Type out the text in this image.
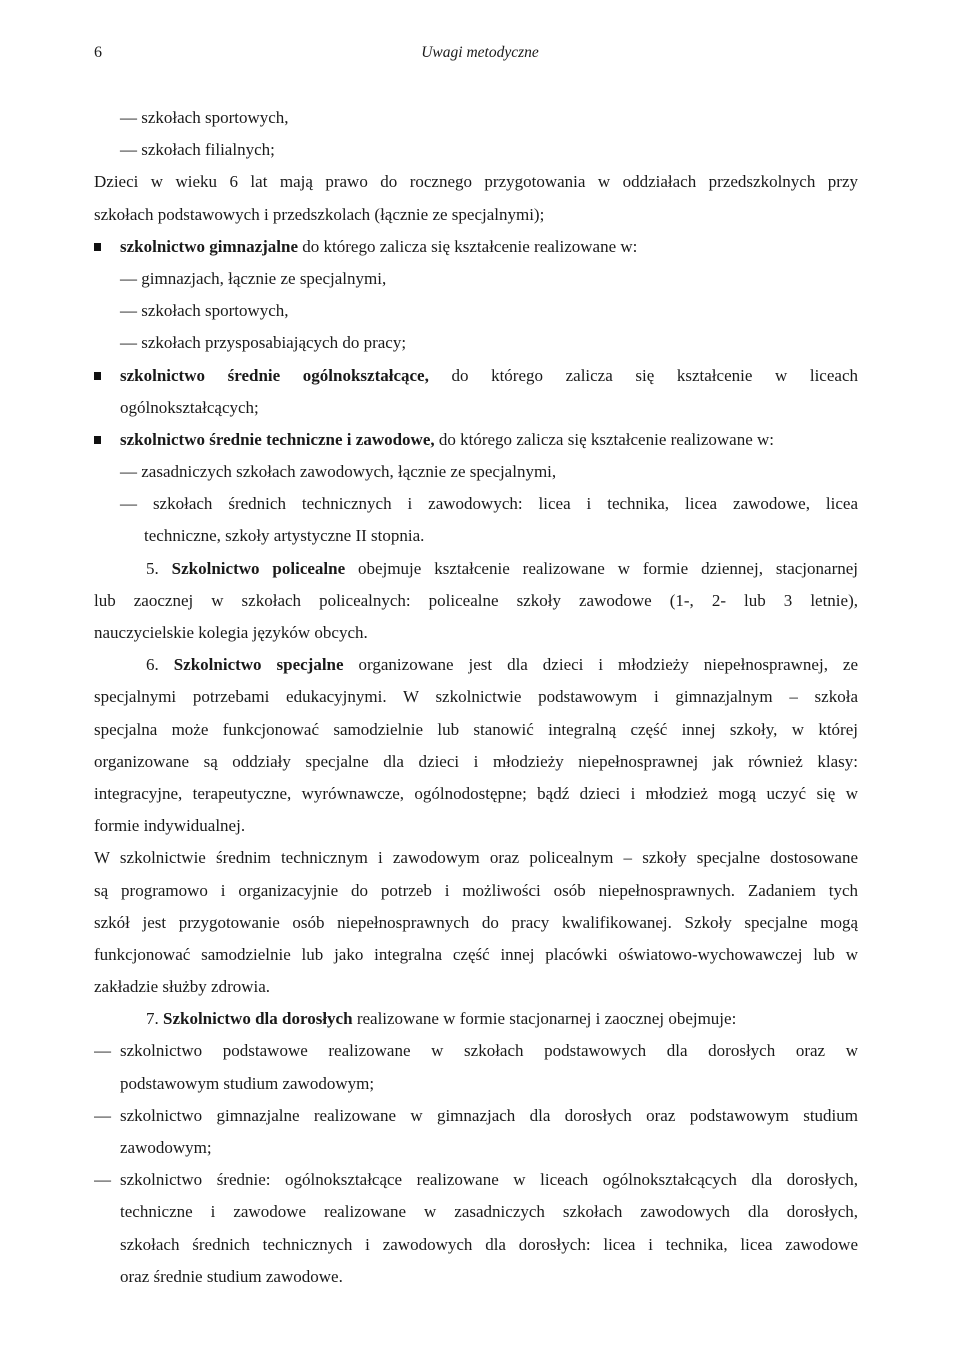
6	Uwagi metodyczne
— szkołach sportowych,
— szkołach filialnych;
Dzieci w wieku 6 lat mają prawo do rocznego przygotowania w oddziałach przedszkolnych przy
szkołach podstawowych i przedszkolach (łącznie ze specjalnymi);
szkolnictwo gimnazjalne do którego zalicza się kształcenie realizowane w:
— gimnazjach, łącznie ze specjalnymi,
— szkołach sportowych,
— szkołach przysposabiających do pracy;
szkolnictwo średnie ogólnokształcące, do którego zalicza się kształcenie w liceach
ogólnokształcących;
szkolnictwo średnie techniczne i zawodowe, do którego zalicza się kształcenie realizowane w:
— zasadniczych szkołach zawodowych, łącznie ze specjalnymi,
— szkołach średnich technicznych i zawodowych: licea i technika, licea zawodowe, licea
techniczne, szkoły artystyczne II stopnia.
5. Szkolnictwo policealne obejmuje kształcenie realizowane w formie dziennej, stacjonarnej
lub zaocznej w szkołach policealnych: policealne szkoły zawodowe (1-, 2- lub 3 letnie),
nauczycielskie kolegia języków obcych.
6. Szkolnictwo specjalne organizowane jest dla dzieci i młodzieży niepełnosprawnej, ze
specjalnymi potrzebami edukacyjnymi. W szkolnictwie podstawowym i gimnazjalnym – szkoła
specjalna może funkcjonować samodzielnie lub stanowić integralną część innej szkoły, w której
organizowane są oddziały specjalne dla dzieci i młodzieży niepełnosprawnej jak również klasy:
integracyjne, terapeutyczne, wyrównawcze, ogólnodostępne; bądź dzieci i młodzież mogą uczyć się w
formie indywidualnej.
W szkolnictwie średnim technicznym i zawodowym oraz policealnym – szkoły specjalne dostosowane
są programowo i organizacyjnie do potrzeb i możliwości osób niepełnosprawnych. Zadaniem tych
szkół jest przygotowanie osób niepełnosprawnych do pracy kwalifikowanej. Szkoły specjalne mogą
funkcjonować samodzielnie lub jako integralna część innej placówki oświatowo-wychowawczej lub w
zakładzie służby zdrowia.
7. Szkolnictwo dla dorosłych realizowane w formie stacjonarnej i zaocznej obejmuje:
— szkolnictwo podstawowe realizowane w szkołach podstawowych dla dorosłych oraz w
podstawowym studium zawodowym;
— szkolnictwo gimnazjalne realizowane w gimnazjach dla dorosłych oraz podstawowym studium
zawodowym;
— szkolnictwo średnie: ogólnokształcące realizowane w liceach ogólnokształcących dla dorosłych,
techniczne i zawodowe realizowane w zasadniczych szkołach zawodowych dla dorosłych,
szkołach średnich technicznych i zawodowych dla dorosłych: licea i technika, licea zawodowe
oraz średnie studium zawodowe.
